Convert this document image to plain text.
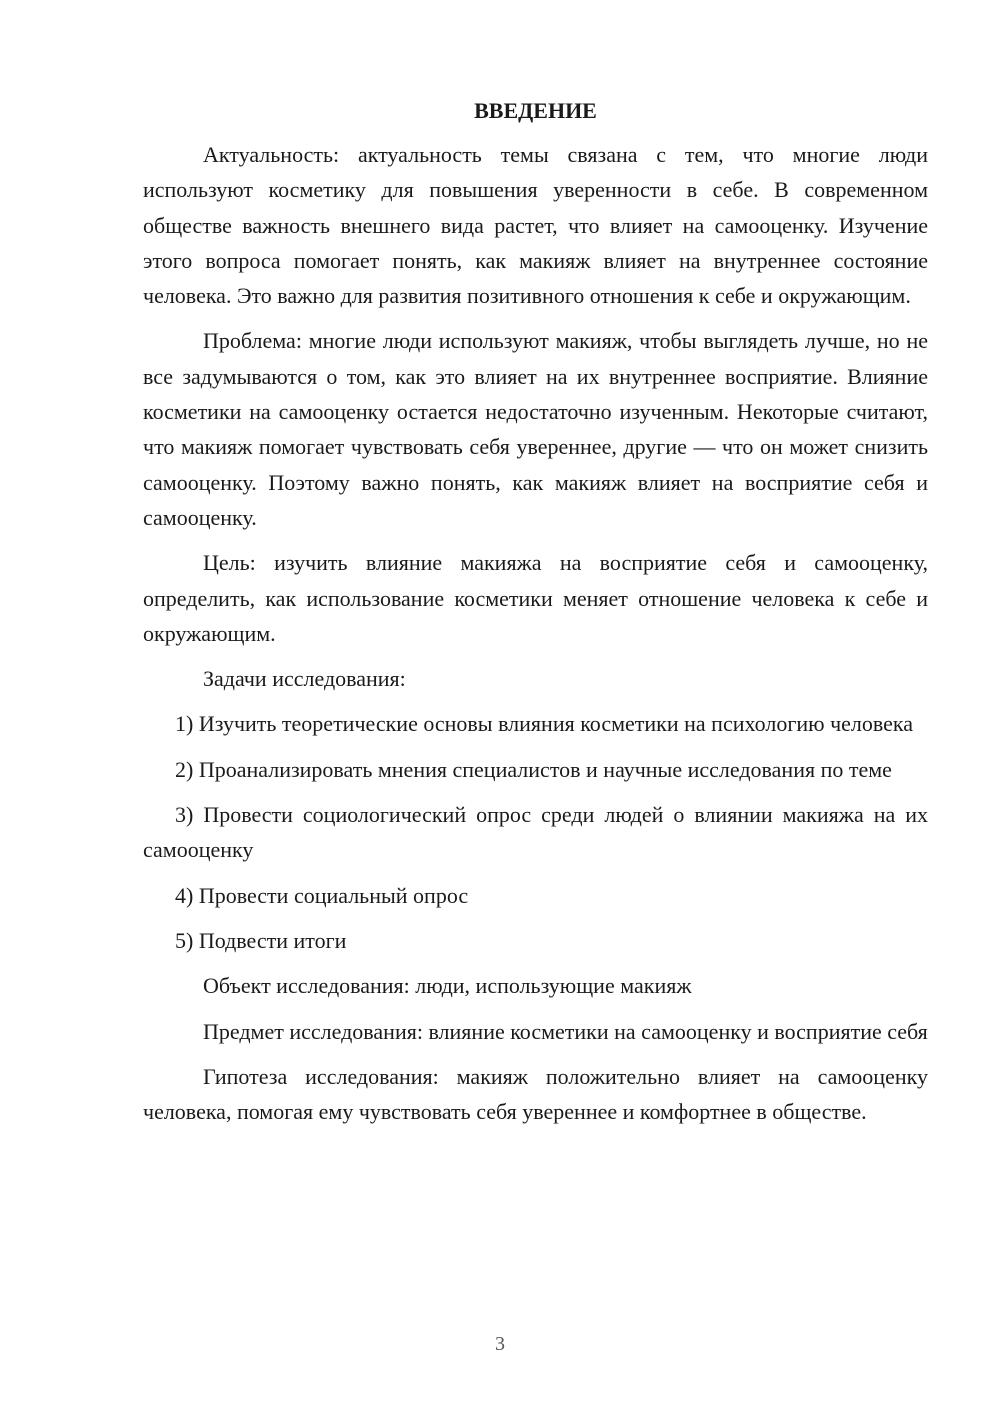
ВВЕДЕНИЕ

Актуальность: актуальность темы связана с тем, что многие люди используют косметику для повышения уверенности в себе. В современном обществе важность внешнего вида растет, что влияет на самооценку. Изучение этого вопроса помогает понять, как макияж влияет на внутреннее состояние человека. Это важно для развития позитивного отношения к себе и окружающим.

Проблема: многие люди используют макияж, чтобы выглядеть лучше, но не все задумываются о том, как это влияет на их внутреннее восприятие. Влияние косметики на самооценку остается недостаточно изученным. Некоторые считают, что макияж помогает чувствовать себя увереннее, другие — что он может снизить самооценку. Поэтому важно понять, как макияж влияет на восприятие себя и самооценку.

Цель: изучить влияние макияжа на восприятие себя и самооценку, определить, как использование косметики меняет отношение человека к себе и окружающим.

Задачи исследования:

1) Изучить теоретические основы влияния косметики на психологию человека

2) Проанализировать мнения специалистов и научные исследования по теме

3) Провести социологический опрос среди людей о влиянии макияжа на их самооценку

4) Провести социальный опрос

5) Подвести итоги

Объект исследования: люди, использующие макияж

Предмет исследования: влияние косметики на самооценку и восприятие себя

Гипотеза исследования: макияж положительно влияет на самооценку человека, помогая ему чувствовать себя увереннее и комфортнее в обществе.

3
